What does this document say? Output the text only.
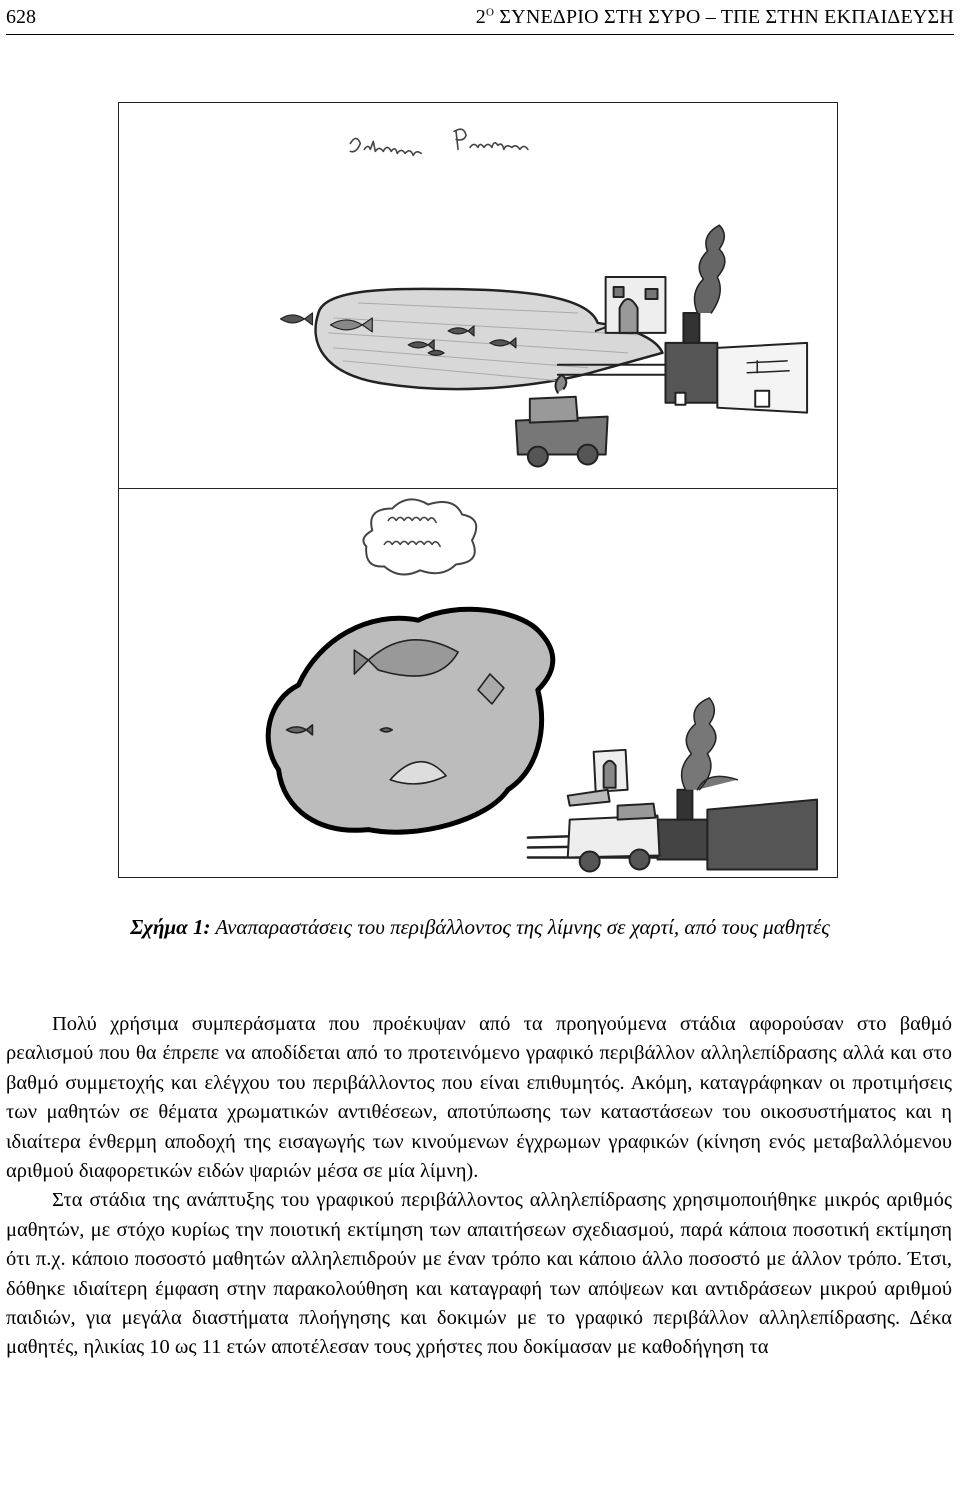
628	$2^O$ ΣΥΝΕΔΡΙΟ ΣΤΗ ΣΥΡΟ – ΤΠΕ ΣΤΗΝ ΕΚΠΑΙΔΕΥΣΗ
Σχήμα 1: Αναπαραστάσεις του περιβάλλοντος της λίμνης σε χαρτί, από τους μαθητές

Πολύ χρήσιμα συμπεράσματα που προέκυψαν από τα προηγούμενα στάδια αφορούσαν στο βαθμό ρεαλισμού που θα έπρεπε να αποδίδεται από το προτεινόμενο γραφικό περιβάλλον αλληλεπίδρασης αλλά και στο βαθμό συμμετοχής και ελέγχου του περιβάλλοντος που είναι επιθυμητός. Ακόμη, καταγράφηκαν οι προτιμήσεις των μαθητών σε θέματα χρωματικών αντιθέσεων, αποτύπωσης των καταστάσεων του οικοσυστήματος και η ιδιαίτερα ένθερμη αποδοχή της εισαγωγής των κινούμενων έγχρωμων γραφικών (κίνηση ενός μεταβαλλόμενου αριθμού διαφορετικών ειδών ψαριών μέσα σε μία λίμνη).

Στα στάδια της ανάπτυξης του γραφικού περιβάλλοντος αλληλεπίδρασης χρησιμοποιήθηκε μικρός αριθμός μαθητών, με στόχο κυρίως την ποιοτική εκτίμηση των απαιτήσεων σχεδιασμού, παρά κάποια ποσοτική εκτίμηση ότι π.χ. κάποιο ποσοστό μαθητών αλληλεπιδρούν με έναν τρόπο και κάποιο άλλο ποσοστό με άλλον τρόπο. Έτσι, δόθηκε ιδιαίτερη έμφαση στην παρακολούθηση και καταγραφή των απόψεων και αντιδράσεων μικρού αριθμού παιδιών, για μεγάλα διαστήματα πλοήγησης και δοκιμών με το γραφικό περιβάλλον αλληλεπίδρασης. Δέκα μαθητές, ηλικίας 10 ως 11 ετών αποτέλεσαν τους χρήστες που δοκίμασαν με καθοδήγηση τα
